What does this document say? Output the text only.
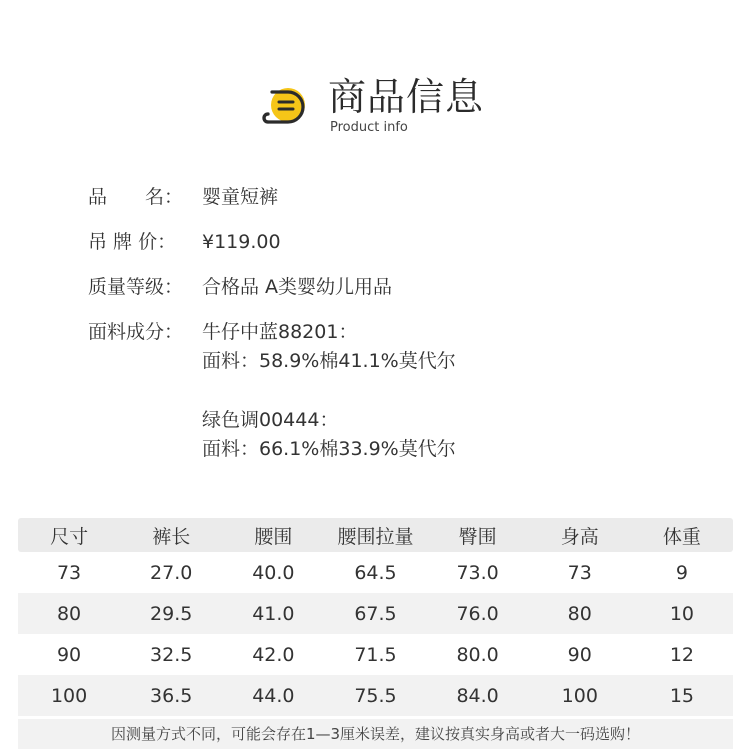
商品信息
Product info
品　　名： 婴童短裤
吊 牌 价：	¥119.00
质量等级： 合格品 A类婴幼儿用品
面料成分： 牛仔中蓝88201：
面料：58.9%棉41.1%莫代尔
绿色调00444：
面料：66.1%棉33.9%莫代尔
尺寸	裤长	腰围	腰围拉量	臀围	身高	体重
73	27.0	40.0	64.5	73.0	73	9
80	29.5	41.0	67.5	76.0	80	10
90	32.5	42.0	71.5	80.0	90	12
100	36.5	44.0	75.5	84.0	100	15
因测量方式不同，可能会存在1—3厘米误差，建议按真实身高或者大一码选购！
